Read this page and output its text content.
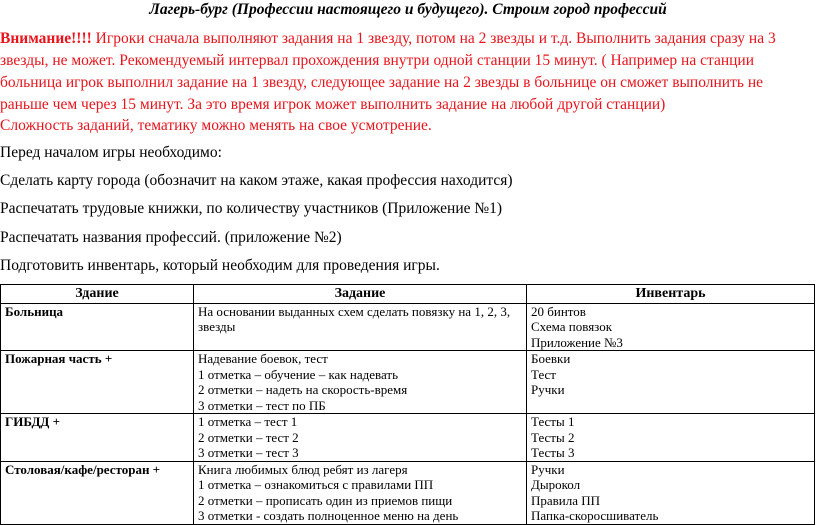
Лагерь-бург (Профессии настоящего и будущего). Строим город профессий
Внимание!!!! Игроки сначала выполняют задания на 1 звезду, потом на 2 звезды и т.д. Выполнить задания сразу на 3 звезды, не может. Рекомендуемый интервал прохождения внутри одной станции 15 минут. ( Например на станции больница игрок выполнил задание на 1 звезду, следующее задание на 2 звезды в больнице он сможет выполнить не раньше чем через 15 минут. За это время игрок может выполнить задание на любой другой станции)
Сложность заданий, тематику можно менять на свое усмотрение.
Перед началом игры необходимо:
Сделать карту города (обозначит на каком этаже, какая профессия находится)
Распечатать трудовые книжки, по количеству участников (Приложение №1)
Распечатать названия профессий. (приложение №2)
Подготовить инвентарь, который необходим для проведения игры.
Здание	Задание	Инвентарь
Больница	На основании выданных схем сделать повязку на 1, 2, 3, звезды	20 бинтов
Схема повязок
Приложение №3

Пожарная часть +	Надевание боевок, тест
1 отметка – обучение – как надевать
2 отметки – надеть на скорость-время
3 отметки – тест по ПБ	Боевки
Тест
Ручки

ГИБДД +	1 отметка – тест 1
2 отметки – тест 2
3 отметки – тест 3	Тесты 1
Тесты 2
Тесты 3

Столовая/кафе/ресторан +	Книга любимых блюд ребят из лагеря
1 отметка – ознакомиться с правилами ПП
2 отметки – прописать один из приемов пищи
3 отметки - создать полноценное меню на день	Ручки
Дырокол
Правила ПП
Папка-скоросшиватель
